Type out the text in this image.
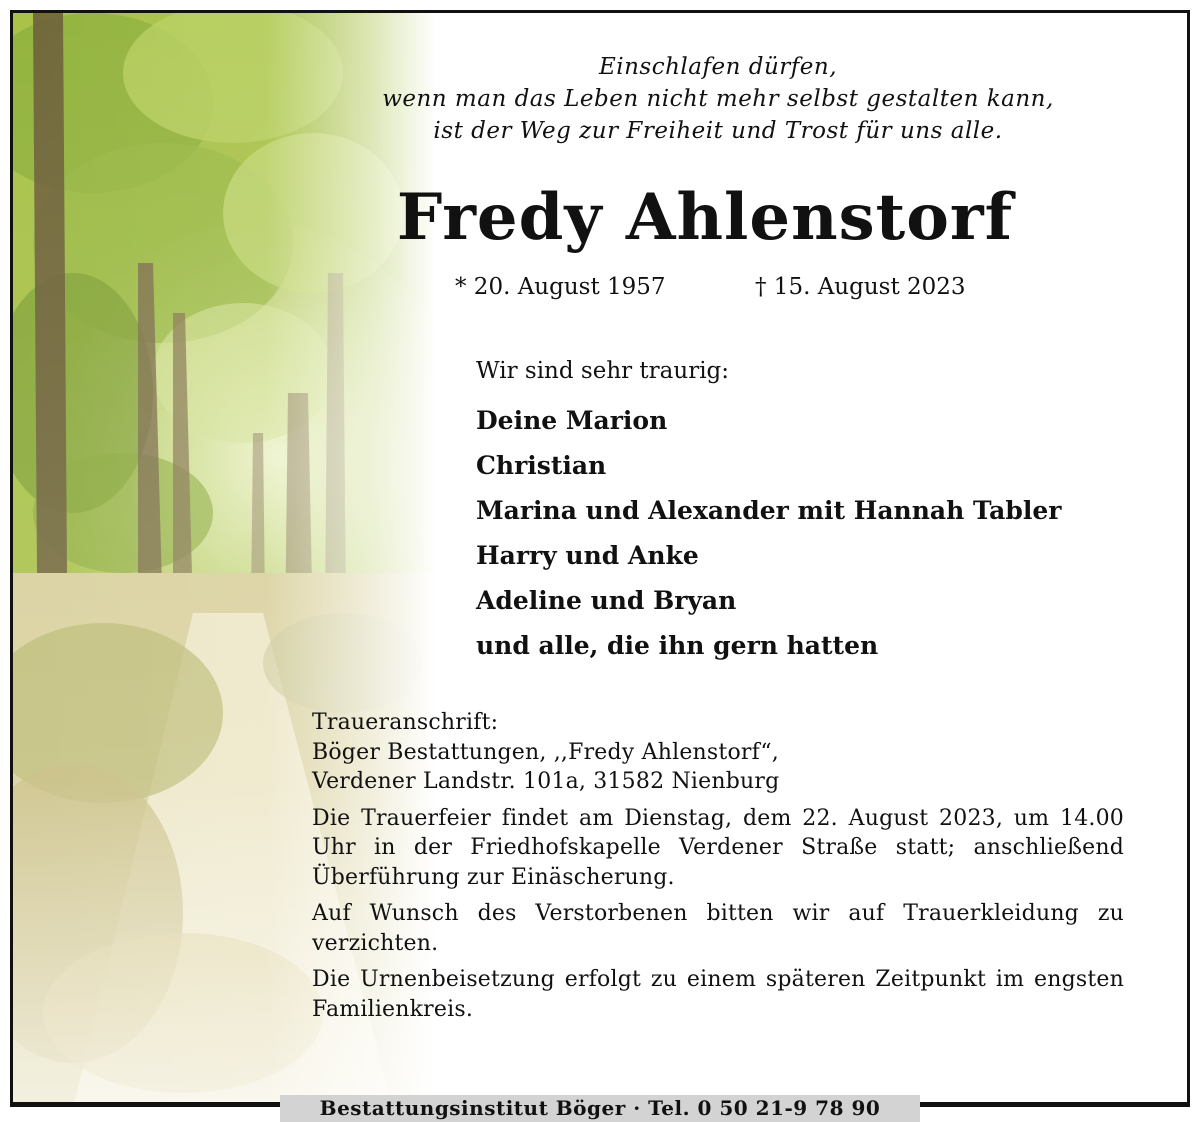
Einschlafen dürfen,
wenn man das Leben nicht mehr selbst gestalten kann,
ist der Weg zur Freiheit und Trost für uns alle.
Fredy Ahlenstorf
* 20. August 1957	† 15. August 2023
Wir sind sehr traurig:
Deine Marion
Christian
Marina und Alexander mit Hannah Tabler
Harry und Anke
Adeline und Bryan
und alle, die ihn gern hatten
Traueranschrift:
Böger Bestattungen, ,,Fredy Ahlenstorf“,
Verdener Landstr. 101a, 31582 Nienburg

Die Trauerfeier findet am Dienstag, dem 22. August 2023, um 14.00 Uhr in der Friedhofskapelle Verdener Straße statt; anschließend Überführung zur Einäscherung.

Auf Wunsch des Verstorbenen bitten wir auf Trauerkleidung zu verzichten.

Die Urnenbeisetzung erfolgt zu einem späteren Zeitpunkt im engsten Familienkreis.

Bestattungsinstitut Böger · Tel. 0 50 21-9 78 90
